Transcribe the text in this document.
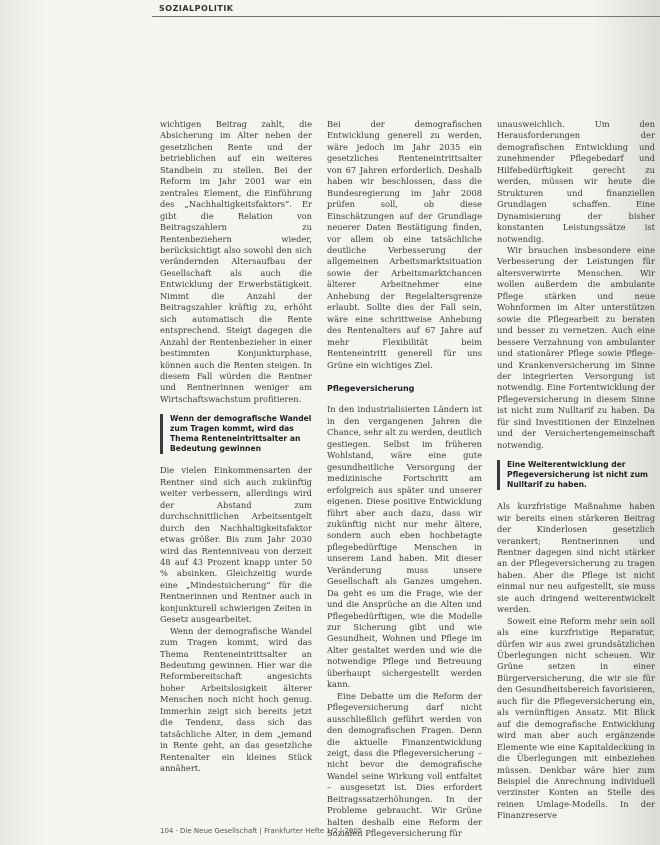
SOZIALPOLITIK

wichtigen Beitrag zahlt, die Absicherung im Alter neben der gesetzlichen Rente und der betrieblichen auf ein weiteres Standbein zu stellen. Bei der Reform im Jahr 2001 war ein zentrales Element, die Einführung des „Nachhaltigkeitsfaktors“. Er gibt die Relation von Beitragszahlern zu Rentenbeziehern wieder, berücksichtigt also sowohl den sich verändernden Altersaufbau der Gesellschaft als auch die Entwicklung der Erwerbstätigkeit. Nimmt die Anzahl der Beitragszahler kräftig zu, erhöht sich automatisch die Rente entsprechend. Steigt dagegen die Anzahl der Rentenbezieher in einer bestimmten Konjunkturphase, können auch die Renten steigen. In diesem Fall würden die Rentner und Rentnerinnen weniger am Wirtschaftswachstum profitieren.

Wenn der demografische Wandel zum Tragen kommt, wird das Thema Renteneintrittsalter an Bedeutung gewinnen

Die vielen Einkommensarten der Rentner sind sich auch zukünftig weiter verbessern, allerdings wird der Abstand zum durchschnittlichen Arbeitsentgelt durch den Nachhaltigkeitsfaktor etwas größer. Bis zum Jahr 2030 wird das Rentenniveau von derzeit 48 auf 43 Prozent knapp unter 50 % absinken. Gleichzeitig wurde eine „Mindestsicherung“ für die Rentnerinnen und Rentner auch in konjunkturell schwierigen Zeiten in Gesetz ausgearbeitet.

Wenn der demografische Wandel zum Tragen kommt, wird das Thema Renteneintrittsalter an Bedeutung gewinnen. Hier war die Reformbereitschaft angesichts hoher Arbeitslosigkeit älterer Menschen noch nicht hoch genug. Immerhin zeigt sich bereits jetzt die Tendenz, dass sich das tatsächliche Alter, in dem „jemand in Rente geht, an das gesetzliche Rentenalter ein kleines Stück annähert.

Bei der demografischen Entwicklung generell zu werden, wäre jedoch im Jahr 2035 ein gesetzliches Renteneintrittsalter von 67 Jahren erforderlich. Deshalb haben wir beschlossen, dass die Bundesregierung im Jahr 2008 prüfen soll, ob diese Einschätzungen auf der Grundlage neuerer Daten Bestätigung finden, vor allem ob eine tatsächliche deutliche Verbesserung der allgemeinen Arbeitsmarktsituation sowie der Arbeitsmarktchancen älterer Arbeitnehmer eine Anhebung der Regelaltersgrenze erlaubt. Sollte dies der Fall sein, wäre eine schrittweise Anhebung des Rentenalters auf 67 Jahre auf mehr Flexibilität beim Renteneintritt generell für uns Grüne ein wichtiges Ziel.

Pflegeversicherung

In den industrialisierten Ländern ist in den vergangenen Jahren die Chance, sehr alt zu werden, deutlich gestiegen. Selbst im früheren Wohlstand, wäre eine gute gesundheitliche Versorgung der medizinische Fortschritt am erfolgreich aus später und unserer eigenen. Diese positive Entwicklung führt aber auch dazu, dass wir zukünftig nicht nur mehr ältere, sondern auch eben hochbetagte pflegebedürftige Menschen in unserem Land haben. Mit dieser Veränderung muss unsere Gesellschaft als Ganzes umgehen. Da geht es um die Frage, wie der und die Ansprüche an die Alten und Pflegebedürftigen, wie die Modelle zur Sicherung gibt und wie Gesundheit, Wohnen und Pflege im Alter gestaltet werden und wie die notwendige Pflege und Betreuung überhaupt sichergestellt werden kann.

Eine Debatte um die Reform der Pflegeversicherung darf nicht ausschließlich geführt werden von den demografischen Fragen. Denn die aktuelle Finanzentwicklung zeigt, dass die Pflegeversicherung – nicht bevor die demografische Wandel seine Wirkung voll entfaltet – ausgesetzt ist. Dies erfordert Beitragssatzerhöhungen. In der Probleme gebraucht. Wir Grüne halten deshalb eine Reform der Sozialen Pflegeversicherung für

unausweichlich. Um den Herausforderungen der demografischen Entwicklung und zunehmender Pflegebedarf und Hilfebedürftigkeit gerecht zu werden, müssen wir heute die Strukturen und finanziellen Grundlagen schaffen. Eine Dynamisierung der bisher konstanten Leistungssätze ist notwendig.

Wir brauchen insbesondere eine Verbesserung der Leistungen für altersverwirrte Menschen. Wir wollen außerdem die ambulante Pflege stärken und neue Wohnformen im Alter unterstützen sowie die Pflegearbeit zu beraten und besser zu vernetzen. Auch eine bessere Verzahnung von ambulanter und stationärer Pflege sowie Pflege- und Krankenversicherung im Sinne der integrierten Versorgung ist notwendig. Eine Fortentwicklung der Pflegeversicherung in diesem Sinne ist nicht zum Nulltarif zu haben. Da für sind Investitionen der Einzelnen und der Versichertengemeinschaft notwendig.

Eine Weiterentwicklung der Pflegeversicherung ist nicht zum Nulltarif zu haben.

Als kurzfristige Maßnahme haben wir bereits einen stärkeren Beitrag der Kinderlosen gesetzlich verankert; Rentnerinnen und Rentner dagegen sind nicht stärker an der Pflegeversicherung zu tragen haben. Aber die Pflege ist nicht einmal nur neu aufgestellt, sie muss sie auch dringend weiterentwickelt werden.

Soweit eine Reform mehr sein soll als eine kurzfristige Reparatur, dürfen wir aus zwei grundsätzlichen Überlegungen nicht scheuen. Wir Grüne setzen in einer Bürgerversicherung, die wir sie für den Gesundheitsbereich favorisieren, auch für die Pflegeversicherung ein, als vernünftigen Ansatz. Mit Blick auf die demografische Entwicklung wird man aber auch ergänzende Elemente wie eine Kapitaldeckung in die Überlegungen mit einbeziehen müssen. Denkbar wäre hier zum Beispiel die Anrechnung individuell verzinster Konten an Stelle des reinen Umlage-Modells. In der Finanzreserve

104 · Die Neue Gesellschaft | Frankfurter Hefte 1/2 | 2005
